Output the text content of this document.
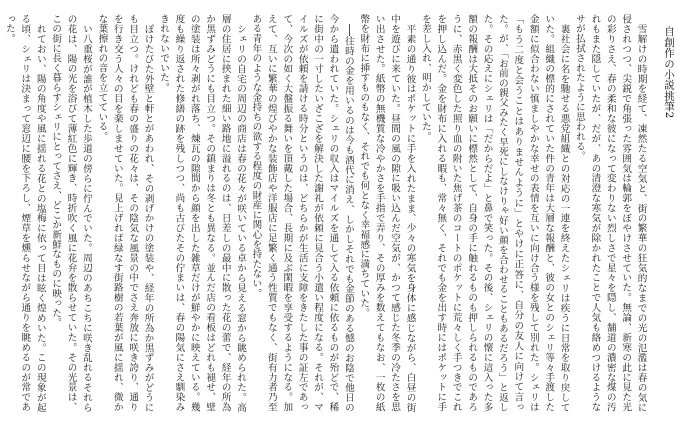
自創作の小説挑筆2
雪解けの時期を経て、凍然たる空気と、街の繁華の狂気的なまでの光の氾濫は春の気に侵されつつ、尖鋭で角張った雰囲気は輪郭をぼやけさせていた。無論、新寒の此に見た光の彩りさえ、春の柔和な彼になって変わりない烈しさで星々を隠し、舗道の濃密な煤の汚れもまた隠していたが、だが、あの清澄な寒気が除かれたことで人気も絡めつけるようなサが払拭されたように思われる。
裏社会に名を馳せる悪党組織との対応の一連を終えたシェリは疾うに日常を取り戻していた。組織の標的にされていた件の青年は大層な報酬と、彼の女とのシェリ等々手渡した金額に似合わない慎ましやかな幸せの表情を互いに向け合う様を残して別れた。シェリは「もう二度と会うことはありませんように」とやけに正答に、自分の友人に向けて言った。が、「お前の親父みたく早死にしなけりゃ好い顔を合わせることもあるだろう」と返した。その応えにシェリは「だからだよ」と鼻で笑った。その後、シェリの懐に這入った多額の報酬は大抵そのお願いに標然として、自身の手に触れるものも押しられるものであろうに、赤黒く変色した照り血の附いた焦げ茶のコートのポケットに荒々しく手つきでこれを押し込んだ。金を財布に入れる暇も、常々無く、それでも金を出す時にはポケットに手を差し入れ、明かしていた。
平素の通り彼はポケットに手を入れたまま、少々の寒気を身体に感じながら、白昼の街中を遊びに来ていた。昼間の風の隙に吸い込んだ空気が、かつて感じた冬季の冷たさを思い出させた。紙幣の無機質な冷やかさを手指で弄り、その厚みを数えてもなお、一枚の紙幣を財布に挿すものもなく、それでも何となく幸福感に満ちていた。
──往時の金を用いるのは今も酒代に消え、しかしそれでも金節のある憾のお陰で他日の今から遣われていた。シェリの収入はマイルズを通して入る依頼に依るものが殆どで、稀に街中の一寸したいざこざを解決した謝礼が依頼に見合う小遣い程度になる。それが、マイルズが依頼を請ける時分というのは、どちらかが生活に支障をきたした事の証左であって、今次の如く大盤振る舞いを頂戴した場合、長期に及ぶ閑暇を享受するようになる。加えて、互いに繁華の煌びやかな装飾店や洋服店に足繁く通う性質でもなく、街有力者乃至ある青年のような金持ちの欲する程度の財産に関心を持たない。
シェリの自宅の周辺の商店は春の花々が咲いている卓から見える窓から眺められた。高層の住居に挟まれた細い路地に溢れるのは、日差しの最中に散った花の蕾で、経年の所為か黒ずみどうにも目立つ。その鎮まりは冬とも異なる。並んだ店の看板はどれも褪せ、壁の塗装は所々剥がれ落ち、煉瓦の隙間から顔を出した雑草だけが鮮やかに映えている。幾度も繰り返された修繕の跡を残しつつ、尚も古びたその佇まいは、春の陽気にさえ馴染みきれないでいた。
ぽけたびた外壁と軒とがあわれ、その剥げかけの塗装や、経年の所為か黒ずみがどうにも目立つ。けれども春の盛りの花々は、その陰気な風景の中でさえ奔放に咲き誇り、通りを行き交う人々の目を楽しませていた。見上げれば緑なす街路樹の若葉が風に揺れ、微かな葉擦れの音を立てている。
い八重桜が誰が植木した歩道の傍らに佇んでいた。周辺のあちこちに咲き乱れるそれらの花は、陽の光を浴びて薄紅色に輝き、時折吹く風に花弁を散らせていた。その光景は、この街に長く暮らすシェリにとってさえ、どこか新鮮なものに映った。
れておい、陽の角度や風に揺れる花との塩梅に依って目は眩く煌めいた。この現象が起る頃、シェリは決まって窓辺に腰を下ろし、煙草を燻らせながら通りを眺めるのが常であった。
